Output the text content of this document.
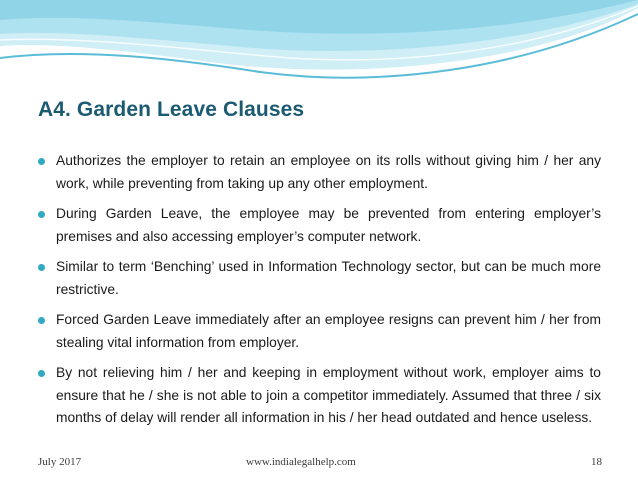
A4. Garden Leave Clauses
Authorizes the employer to retain an employee on its rolls without giving him / her any work, while preventing from taking up any other employment.
During Garden Leave, the employee may be prevented from entering employer’s premises and also accessing employer’s computer network.
Similar to term ‘Benching’ used in Information Technology sector, but can be much more restrictive.
Forced Garden Leave immediately after an employee resigns can prevent him / her from stealing vital information from employer.
By not relieving him / her and keeping in employment without work, employer aims to ensure that he / she is not able to join a competitor immediately. Assumed that three / six months of delay will render all information in his / her head outdated and hence useless.
July 2017	www.indialegalhelp.com	18
